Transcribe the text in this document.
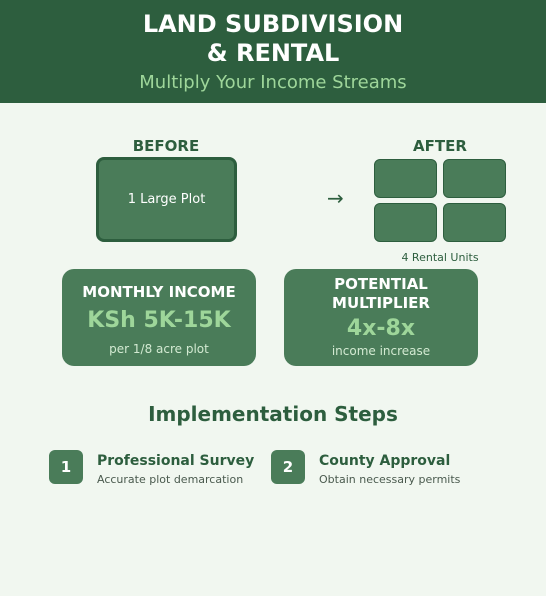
LAND SUBDIVISION
& RENTAL
Multiply Your Income Streams
BEFORE	AFTER
1 Large Plot	→
4 Rental Units
MONTHLY INCOME
KSh 5K-15K
per 1/8 acre plot
POTENTIAL
MULTIPLIER
4x-8x
income increase
Implementation Steps
1	Professional Survey
Accurate plot demarcation
2	County Approval
Obtain necessary permits
